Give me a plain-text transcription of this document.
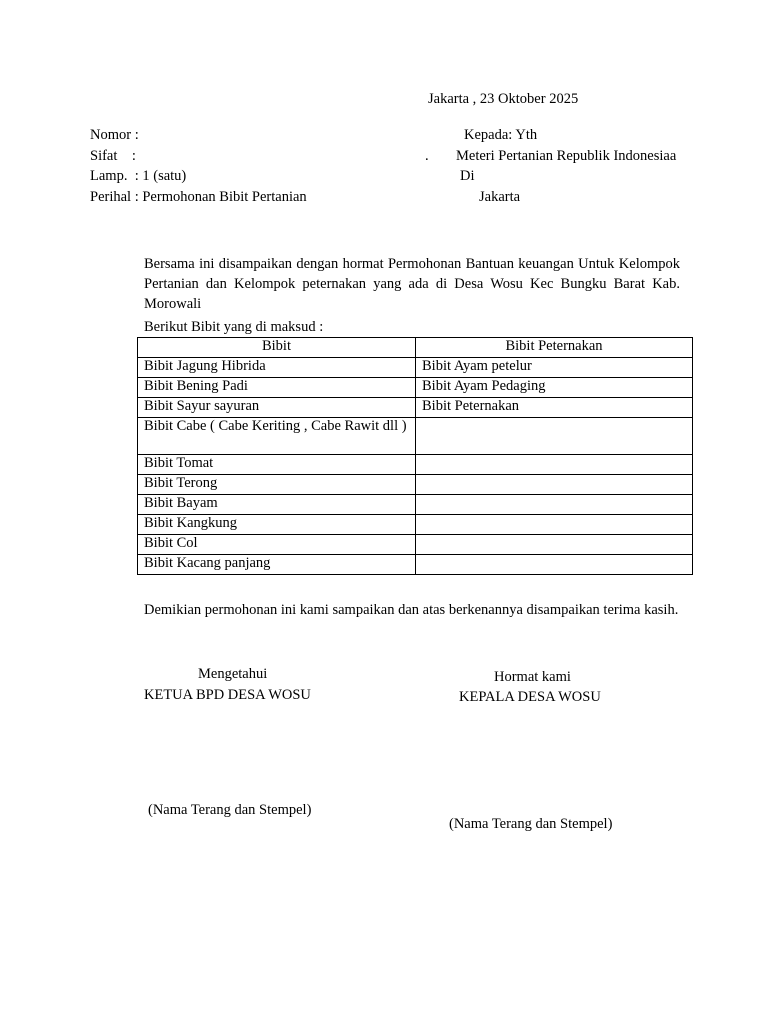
Jakarta , 23 Oktober 2025
Nomor :
Sifat    :
Lamp.  : 1 (satu)
Perihal : Permohonan Bibit Pertanian
Kepada: Yth
. Meteri Pertanian Republik Indonesiaa
Di
Jakarta
Bersama ini disampaikan dengan hormat Permohonan Bantuan keuangan Untuk Kelompok Pertanian dan Kelompok peternakan yang ada di Desa Wosu Kec Bungku Barat Kab. Morowali
Berikut Bibit yang di maksud :
Bibit	Bibit Peternakan
Bibit Jagung Hibrida	Bibit Ayam petelur
Bibit Bening Padi	Bibit Ayam Pedaging
Bibit Sayur sayuran	Bibit Peternakan
Bibit Cabe ( Cabe Keriting , Cabe Rawit dll )	
Bibit Tomat	
Bibit Terong	
Bibit Bayam	
Bibit Kangkung	
Bibit Col	
Bibit Kacang panjang	
Demikian permohonan ini kami sampaikan dan atas berkenannya disampaikan terima kasih.
Mengetahui
KETUA BPD DESA WOSU
(Nama Terang dan Stempel)
Hormat kami
KEPALA DESA WOSU
(Nama Terang dan Stempel)
